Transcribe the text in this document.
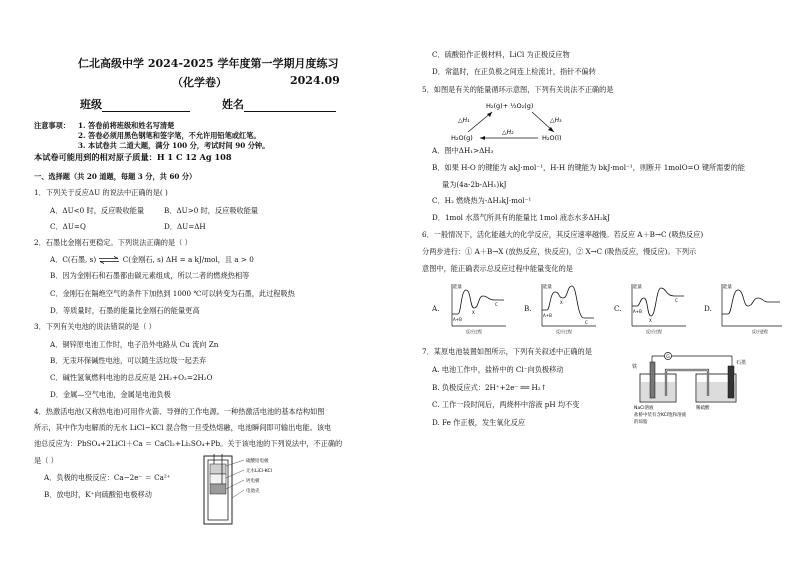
仁北高级中学 2024-2025 学年度第一学期月度练习
（化学卷）	2024.09
班级	姓名
注意事项： 1. 答卷前将班级和姓名写清楚
2. 答卷必须用黑色钢笔和签字笔，不允许用铅笔或红笔。
3. 本试卷共 二道大题，满分 100 分，考试时间 90 分钟。
本试卷可能用到的相对原子质量：H 1 C 12 Ag 108
一、选择题（共 20 道题，每题 3 分，共 60 分）
1．下列关于反应ΔU 的说法中正确的是( )
A．ΔU<0 时，反应吸收能量	B．ΔU>0 时，反应吸收能量
C．ΔU=Q	D．ΔU=ΔH
2．石墨比金刚石更稳定。下列说法正确的是（ ）
A．C(石墨, s) ⇌ C(金刚石, s) ΔH = a kJ/mol，且 a > 0
B．因为金刚石和石墨都由碳元素组成，所以二者的燃烧热相等
C．金刚石在隔绝空气的条件下加热到 1000 ℃可以转变为石墨，此过程吸热
D．等质量时，石墨的能量比金刚石的能量更高
3．下列有关电池的说法错误的是（ ）
A．铜锌原电池工作时，电子沿外电路从 Cu 流向 Zn
B．无汞环保碱性电池，可以随生活垃圾一起丢弃
C．碱性氢氧燃料电池的总反应是 2H₂+O₂=2H₂O
D．金属—空气电池，金属是电池负极
4．热激活电池(又称热电池)可用作火箭、导弹的工作电源。一种热激活电池的基本结构如图
所示，其中作为电解质的无水 LiCl−KCl 混合物一旦受热熔融，电池瞬间即可输出电能。该电
池总反应为：PbSO₄+2LiCl＋Ca ＝ CaCl₂+Li₂SO₄+Pb。关于该电池的下列说法中，不正确的
是（ ）
A．负极的电极反应：Ca−2e⁻ ＝ Ca²⁺
B．放电时，K⁺向硫酸铅电极移动
硫酸铅电极
无水LiCl-KCl
钙电极
电池壳
C．硫酸铅作正极材料，LiCl 为正极反应物
D．常温时，在正负极之间连上检流计，指针不偏转
5．如图是有关的能量循环示意图，下列有关说法不正确的是
H₂(g)+ ½O₂(g)
H₂O(g)	H₂O(l)
△H₁	△H₃
△H₂
A．图中ΔH₁>ΔH₃
B．如果 H-O 的键能为 akJ·mol⁻¹，H-H 的键能为 bkJ·mol⁻¹，则断开 1molO=O 键所需要的能
量为(4a-2b-ΔH₁)kJ
C．H₂ 燃烧热为-ΔH₃kJ·mol⁻¹
D．1mol 水蒸气所具有的能量比 1mol 液态水多ΔH₂kJ
6．一般情况下，活化能越大的化学反应，其反应速率越慢。若反应 A＋B→C (吸热反应)
分两步进行：① A＋B→X (放热反应，快反应)，② X→C (吸热反应，慢反应)。下列示
意图中，能正确表示总反应过程中能量变化的是
A.
能量
A+B
X
C
反应过程
B.
能量
A+B
X
C
反应过程
C.
能量
A+B
X
C
反应过程
D.
能量
反应进程
7．某原电池装置如图所示，下列有关叙述中正确的是
A. 电池工作中，盐桥中的 Cl⁻向负极移动
B. 负极反应式：2H⁺+2e⁻ ══ H₂↑
C. 工作一段时间后，两烧杯中溶液 pH 均不变
D. Fe 作正极，发生氧化反应
G
铁
石墨
NaCl溶液	稀硫酸
盐桥中装有含KCl饱和溶液
的琼脂
